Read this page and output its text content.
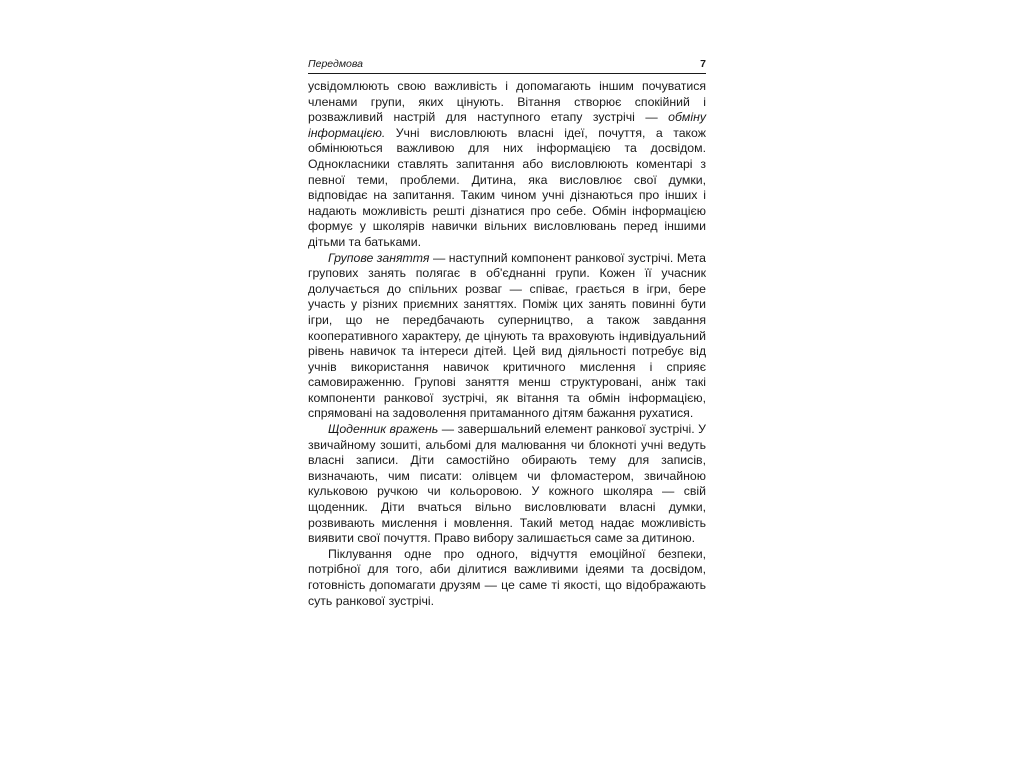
Передмова	7

усвідомлюють свою важливість і допомагають іншим почуватися членами групи, яких цінують. Вітання створює спокійний і розважливий настрій для наступного етапу зустрічі — обміну інформацією. Учні висловлюють власні ідеї, почуття, а також обмінюються важливою для них інформацією та досвідом. Однокласники ставлять запитання або висловлюють коментарі з певної теми, проблеми. Дитина, яка висловлює свої думки, відповідає на запитання. Таким чином учні дізнаються про інших і надають можливість решті дізнатися про себе. Обмін інформацією формує у школярів навички вільних висловлювань перед іншими дітьми та батьками.

Групове заняття — наступний компонент ранкової зустрічі. Мета групових занять полягає в об'єднанні групи. Кожен її учасник долучається до спільних розваг — співає, грається в ігри, бере участь у різних приємних заняттях. Поміж цих занять повинні бути ігри, що не передбачають суперництво, а також завдання кооперативного характеру, де цінують та враховують індивідуальний рівень навичок та інтереси дітей. Цей вид діяльності потребує від учнів використання навичок критичного мислення і сприяє самовираженню. Групові заняття менш структуровані, аніж такі компоненти ранкової зустрічі, як вітання та обмін інформацією, спрямовані на задоволення притаманного дітям бажання рухатися.

Щоденник вражень — завершальний елемент ранкової зустрічі. У звичайному зошиті, альбомі для малювання чи блокноті учні ведуть власні записи. Діти самостійно обирають тему для записів, визначають, чим писати: олівцем чи фломастером, звичайною кульковою ручкою чи кольоровою. У кожного школяра — свій щоденник. Діти вчаться вільно висловлювати власні думки, розвивають мислення і мовлення. Такий метод надає можливість виявити свої почуття. Право вибору залишається саме за дитиною.

Піклування одне про одного, відчуття емоційної безпеки, потрібної для того, аби ділитися важливими ідеями та досвідом, готовність допомагати друзям — це саме ті якості, що відображають суть ранкової зустрічі.
